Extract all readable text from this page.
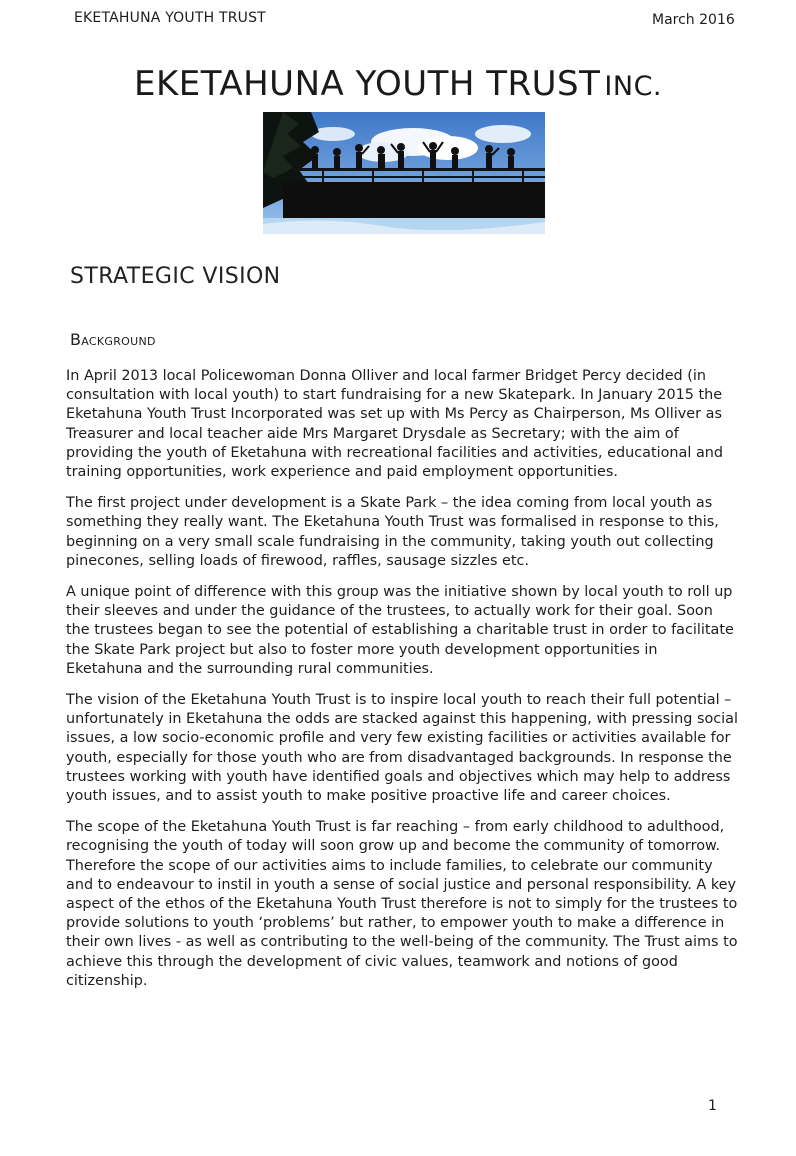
EKETAHUNA YOUTH TRUST	March 2016
EKETAHUNA YOUTH TRUST INC.
STRATEGIC VISION
Background

In April 2013 local Policewoman Donna Olliver and local farmer Bridget Percy decided (in consultation with local youth) to start fundraising for a new Skatepark. In January 2015 the Eketahuna Youth Trust Incorporated was set up with Ms Percy as Chairperson, Ms Olliver as Treasurer and local teacher aide Mrs Margaret Drysdale as Secretary; with the aim of providing the youth of Eketahuna with recreational facilities and activities, educational and training opportunities, work experience and paid employment opportunities.

The first project under development is a Skate Park – the idea coming from local youth as something they really want. The Eketahuna Youth Trust was formalised in response to this, beginning on a very small scale fundraising in the community, taking youth out collecting pinecones, selling loads of firewood, raffles, sausage sizzles etc.

A unique point of difference with this group was the initiative shown by local youth to roll up their sleeves and under the guidance of the trustees, to actually work for their goal. Soon the trustees began to see the potential of establishing a charitable trust in order to facilitate the Skate Park project but also to foster more youth development opportunities in Eketahuna and the surrounding rural communities.

The vision of the Eketahuna Youth Trust is to inspire local youth to reach their full potential – unfortunately in Eketahuna the odds are stacked against this happening, with pressing social issues, a low socio-economic profile and very few existing facilities or activities available for youth, especially for those youth who are from disadvantaged backgrounds. In response the trustees working with youth have identified goals and objectives which may help to address youth issues, and to assist youth to make positive proactive life and career choices.

The scope of the Eketahuna Youth Trust is far reaching – from early childhood to adulthood, recognising the youth of today will soon grow up and become the community of tomorrow. Therefore the scope of our activities aims to include families, to celebrate our community and to endeavour to instil in youth a sense of social justice and personal responsibility. A key aspect of the ethos of the Eketahuna Youth Trust therefore is not to simply for the trustees to provide solutions to youth ‘problems’ but rather, to empower youth to make a difference in their own lives - as well as contributing to the well-being of the community. The Trust aims to achieve this through the development of civic values, teamwork and notions of good citizenship.

1
